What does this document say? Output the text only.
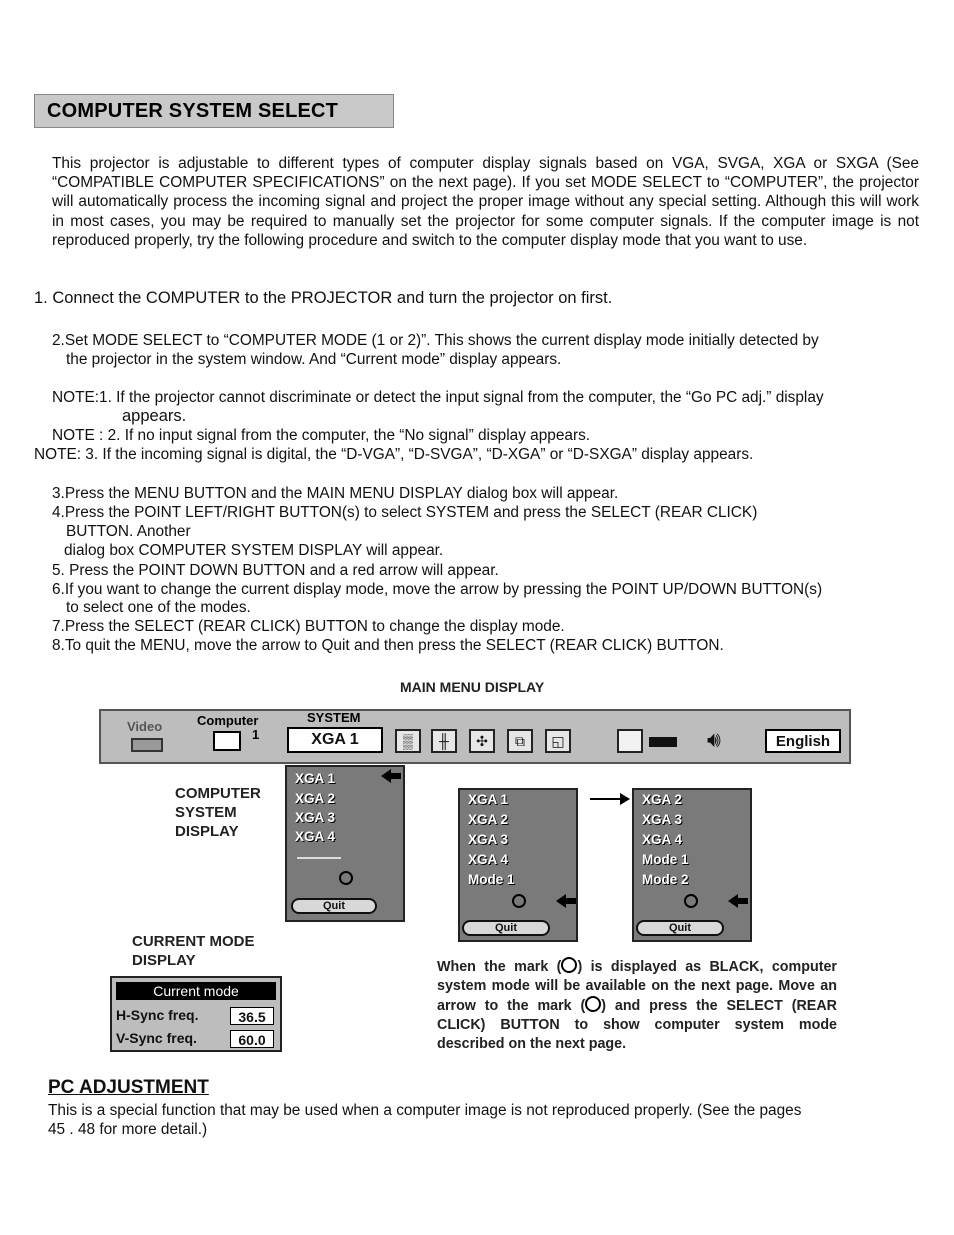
COMPUTER SYSTEM SELECT
This projector is adjustable to different types of computer display signals based on VGA, SVGA, XGA or SXGA (See “COMPATIBLE COMPUTER SPECIFICATIONS” on the next page). If you set MODE SELECT to “COMPUTER”, the projector will automatically process the incoming signal and project the proper image without any special setting. Although this will work in most cases, you may be required to manually set the projector for some computer signals. If the computer image is not reproduced properly, try the following procedure and switch to the computer display mode that you want to use.
1. Connect the COMPUTER to the PROJECTOR and turn the projector on first.
2.Set MODE SELECT to “COMPUTER MODE (1 or 2)”. This shows the current display mode initially detected by
the projector in the system window. And “Current mode” display appears.
NOTE:1. If the projector cannot discriminate or detect the input signal from the computer, the “Go PC adj.” display
appears.
NOTE : 2. If no input signal from the computer, the “No signal” display appears.
NOTE: 3. If the incoming signal is digital, the “D-VGA”, “D-SVGA”, “D-XGA” or “D-SXGA” display appears.
3.Press the MENU BUTTON and the MAIN MENU DISPLAY dialog box will appear.
4.Press the POINT LEFT/RIGHT BUTTON(s) to select SYSTEM and press the SELECT (REAR CLICK)
BUTTON. Another
dialog box COMPUTER SYSTEM DISPLAY will appear.
5. Press the POINT DOWN BUTTON and a red arrow will appear.
6.If you want to change the current display mode, move the arrow by pressing the POINT UP/DOWN BUTTON(s)
to select one of the modes.
7.Press the SELECT (REAR CLICK) BUTTON to change the display mode.
8.To quit the MENU, move the arrow to Quit and then press the SELECT (REAR CLICK) BUTTON.
MAIN MENU DISPLAY
Video	Computer
1
SYSTEM
XGA 1	▒	╫	✣	⧉	◱	🔊︎	English
COMPUTER
SYSTEM
DISPLAY
XGA 1
XGA 2
XGA 3
XGA 4
Quit
XGA 1
XGA 2
XGA 3
XGA 4
Mode 1
Quit
XGA 2
XGA 3
XGA 4
Mode 1
Mode 2
Quit
CURRENT MODE
DISPLAY
Current mode
H-Sync freq.	36.5
V-Sync freq.	60.0
When the mark ( ) is displayed as BLACK, computer system mode will be available on the next page. Move an arrow to the mark ( ) and press the SELECT (REAR CLICK) BUTTON to show computer system mode described on the next page.
PC ADJUSTMENT
This is a special function that may be used when a computer image is not reproduced properly. (See the pages
45 . 48 for more detail.)
